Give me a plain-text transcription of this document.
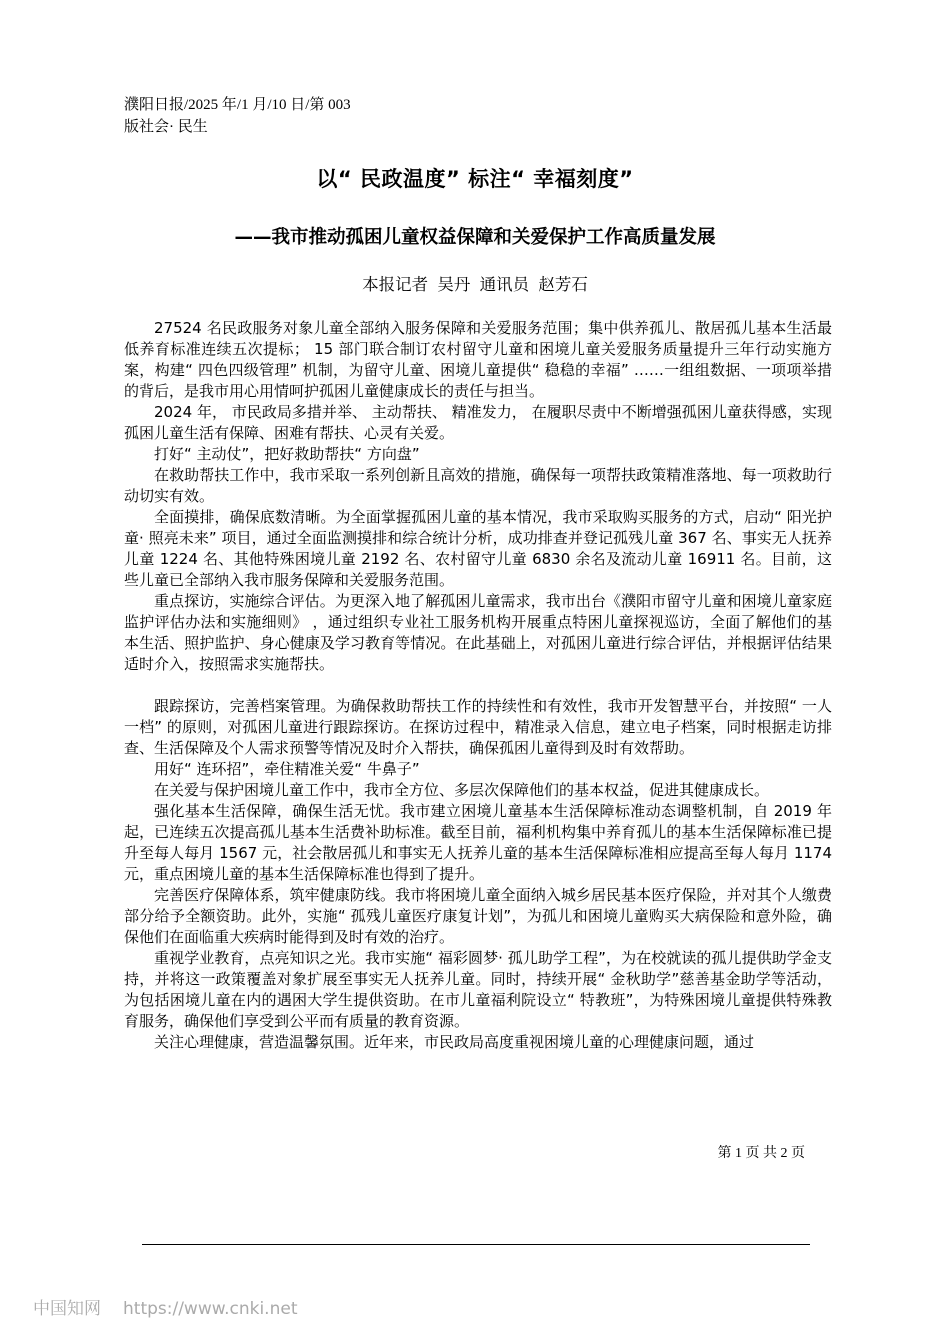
濮阳日报/2025 年/1 月/10 日/第 003
版社会· 民生
以“ 民政温度” 标注“ 幸福刻度”
——我市推动孤困儿童权益保障和关爱保护工作高质量发展
本报记者 吴丹 通讯员 赵芳石

27524 名民政服务对象儿童全部纳入服务保障和关爱服务范围；集中供养孤儿、散居孤儿基本生活最低养育标准连续五次提标； 15 部门联合制订农村留守儿童和困境儿童关爱服务质量提升三年行动实施方案，构建“ 四色四级管理” 机制，为留守儿童、困境儿童提供“ 稳稳的幸福” ……一组组数据、一项项举措的背后，是我市用心用情呵护孤困儿童健康成长的责任与担当。

2024 年， 市民政局多措并举、 主动帮扶、 精准发力， 在履职尽责中不断增强孤困儿童获得感，实现孤困儿童生活有保障、困难有帮扶、心灵有关爱。

打好“ 主动仗”，把好救助帮扶“ 方向盘”

在救助帮扶工作中，我市采取一系列创新且高效的措施，确保每一项帮扶政策精准落地、每一项救助行动切实有效。

全面摸排，确保底数清晰。为全面掌握孤困儿童的基本情况，我市采取购买服务的方式，启动“ 阳光护童· 照亮未来” 项目，通过全面监测摸排和综合统计分析，成功排查并登记孤残儿童 367 名、事实无人抚养儿童 1224 名、其他特殊困境儿童 2192 名、农村留守儿童 6830 余名及流动儿童 16911 名。目前，这些儿童已全部纳入我市服务保障和关爱服务范围。

重点探访，实施综合评估。为更深入地了解孤困儿童需求，我市出台《濮阳市留守儿童和困境儿童家庭监护评估办法和实施细则》 ，通过组织专业社工服务机构开展重点特困儿童探视巡访，全面了解他们的基本生活、照护监护、身心健康及学习教育等情况。在此基础上，对孤困儿童进行综合评估，并根据评估结果适时介入，按照需求实施帮扶。

跟踪探访，完善档案管理。为确保救助帮扶工作的持续性和有效性，我市开发智慧平台，并按照“ 一人一档” 的原则，对孤困儿童进行跟踪探访。在探访过程中，精准录入信息，建立电子档案，同时根据走访排查、生活保障及个人需求预警等情况及时介入帮扶，确保孤困儿童得到及时有效帮助。

用好“ 连环招”，牵住精准关爱“ 牛鼻子”

在关爱与保护困境儿童工作中，我市全方位、多层次保障他们的基本权益，促进其健康成长。

强化基本生活保障，确保生活无忧。我市建立困境儿童基本生活保障标准动态调整机制，自 2019 年起，已连续五次提高孤儿基本生活费补助标准。截至目前，福利机构集中养育孤儿的基本生活保障标准已提升至每人每月 1567 元，社会散居孤儿和事实无人抚养儿童的基本生活保障标准相应提高至每人每月 1174 元，重点困境儿童的基本生活保障标准也得到了提升。

完善医疗保障体系，筑牢健康防线。我市将困境儿童全面纳入城乡居民基本医疗保险，并对其个人缴费部分给予全额资助。此外，实施“ 孤残儿童医疗康复计划”，为孤儿和困境儿童购买大病保险和意外险，确保他们在面临重大疾病时能得到及时有效的治疗。

重视学业教育，点亮知识之光。我市实施“ 福彩圆梦· 孤儿助学工程”，为在校就读的孤儿提供助学金支持，并将这一政策覆盖对象扩展至事实无人抚养儿童。同时，持续开展“ 金秋助学”慈善基金助学等活动，为包括困境儿童在内的遇困大学生提供资助。在市儿童福利院设立“ 特教班”，为特殊困境儿童提供特殊教育服务，确保他们享受到公平而有质量的教育资源。

关注心理健康，营造温馨氛围。近年来，市民政局高度重视困境儿童的心理健康问题，通过

第 1 页 共 2 页
中国知网 https://www.cnki.net
